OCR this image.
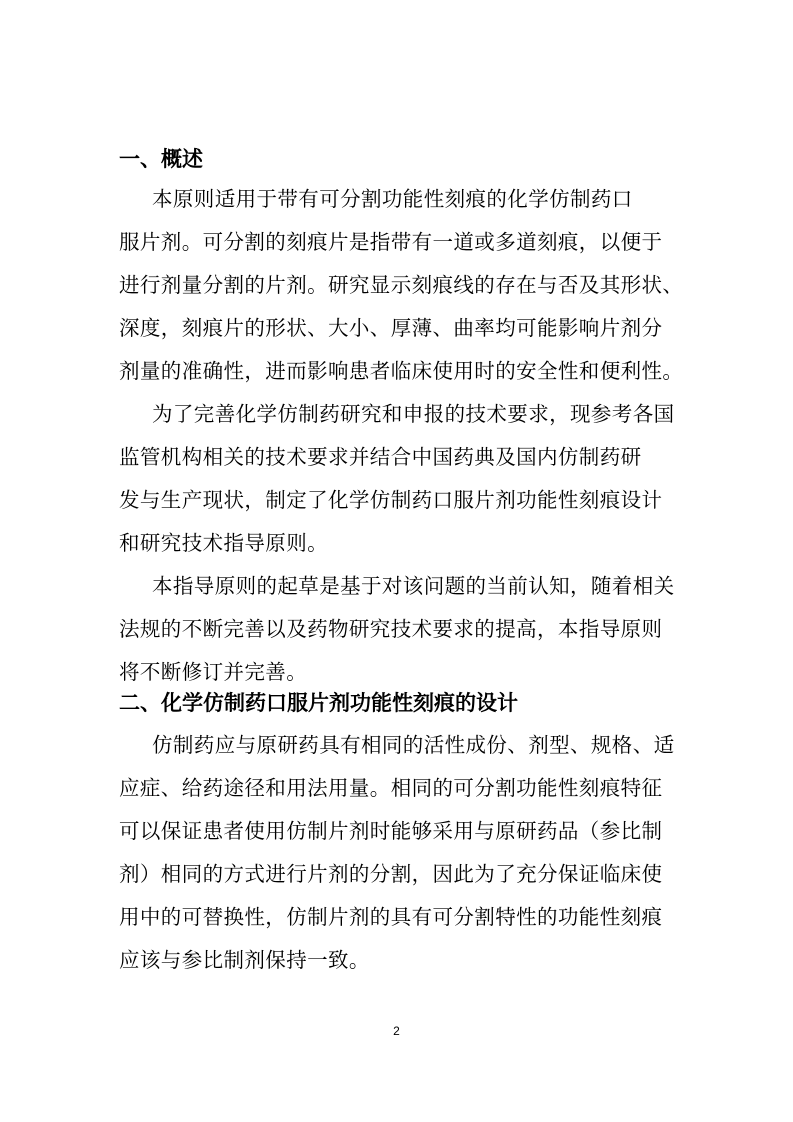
一、概述
本原则适用于带有可分割功能性刻痕的化学仿制药口
服片剂。可分割的刻痕片是指带有一道或多道刻痕，以便于
进行剂量分割的片剂。研究显示刻痕线的存在与否及其形状、
深度，刻痕片的形状、大小、厚薄、曲率均可能影响片剂分
剂量的准确性，进而影响患者临床使用时的安全性和便利性。
为了完善化学仿制药研究和申报的技术要求，现参考各国
监管机构相关的技术要求并结合中国药典及国内仿制药研
发与生产现状，制定了化学仿制药口服片剂功能性刻痕设计
和研究技术指导原则。
本指导原则的起草是基于对该问题的当前认知，随着相关
法规的不断完善以及药物研究技术要求的提高，本指导原则
将不断修订并完善。
二、化学仿制药口服片剂功能性刻痕的设计
仿制药应与原研药具有相同的活性成份、剂型、规格、适
应症、给药途径和用法用量。相同的可分割功能性刻痕特征
可以保证患者使用仿制片剂时能够采用与原研药品（参比制
剂）相同的方式进行片剂的分割，因此为了充分保证临床使
用中的可替换性，仿制片剂的具有可分割特性的功能性刻痕
应该与参比制剂保持一致。
2
